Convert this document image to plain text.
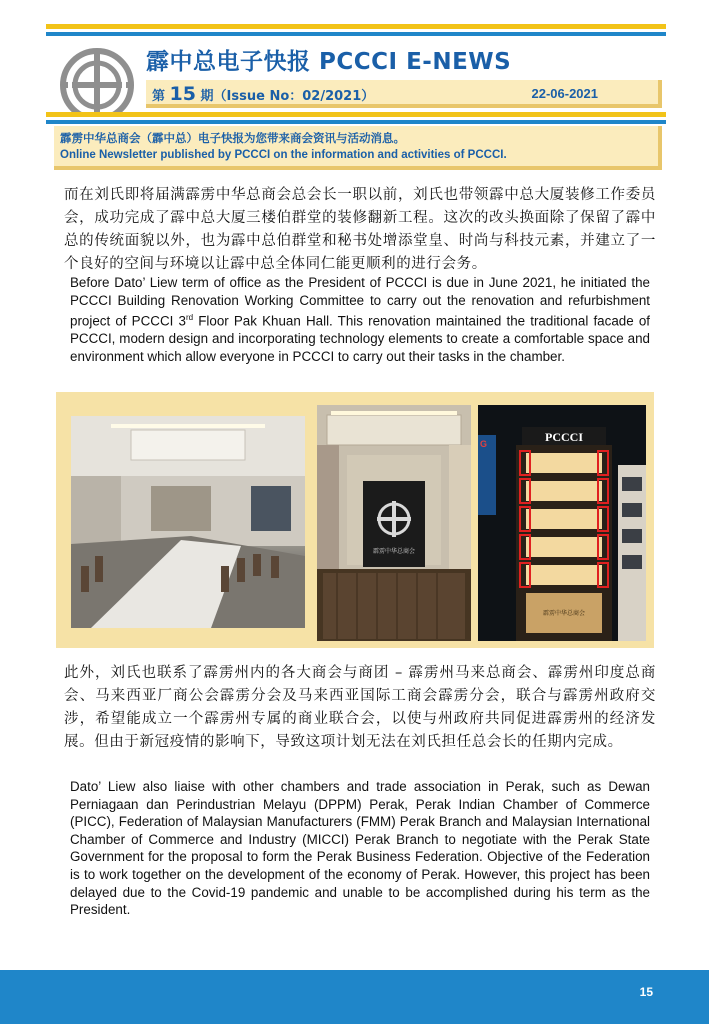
霹中总电子快报 PCCCI E-NEWS
第 15 期（Issue No：02/2021）	22-06-2021
霹雳中华总商会（霹中总）电子快报为您带来商会资讯与活动消息。
Online Newsletter published by PCCCI on the information and activities of PCCCI.
而在刘氏即将届满霹雳中华总商会总会长一职以前，刘氏也带领霹中总大厦装修工作委员会，成功完成了霹中总大厦三楼伯群堂的装修翻新工程。这次的改头换面除了保留了霹中总的传统面貌以外，也为霹中总伯群堂和秘书处增添堂皇、时尚与科技元素，并建立了一个良好的空间与环境以让霹中总全体同仁能更顺利的进行会务。
Before Dato’ Liew term of office as the President of PCCCI is due in June 2021, he initiated the PCCCI Building Renovation Working Committee to carry out the renovation and refurbishment project of PCCCI 3rd Floor Pak Khuan Hall. This renovation maintained the traditional facade of PCCCI, modern design and incorporating technology elements to create a comfortable space and environment which allow everyone in PCCCI to carry out their tasks in the chamber.
霹雳中华总商会
G	PCCCI
霹雳中华总商会
此外，刘氏也联系了霹雳州内的各大商会与商团 – 霹雳州马来总商会、霹雳州印度总商会、马来西亚厂商公会霹雳分会及马来西亚国际工商会霹雳分会，联合与霹雳州政府交涉，希望能成立一个霹雳州专属的商业联合会，以使与州政府共同促进霹雳州的经济发展。但由于新冠疫情的影响下，导致这项计划无法在刘氏担任总会长的任期内完成。
Dato’ Liew also liaise with other chambers and trade association in Perak, such as Dewan Perniagaan dan Perindustrian Melayu (DPPM) Perak, Perak Indian Chamber of Commerce (PICC), Federation of Malaysian Manufacturers (FMM) Perak Branch and Malaysian International Chamber of Commerce and Industry (MICCI) Perak Branch to negotiate with the Perak State Government for the proposal to form the Perak Business Federation. Objective of the Federation is to work together on the development of the economy of Perak. However, this project has been delayed due to the Covid-19 pandemic and unable to be accomplished during his term as the President.
15
